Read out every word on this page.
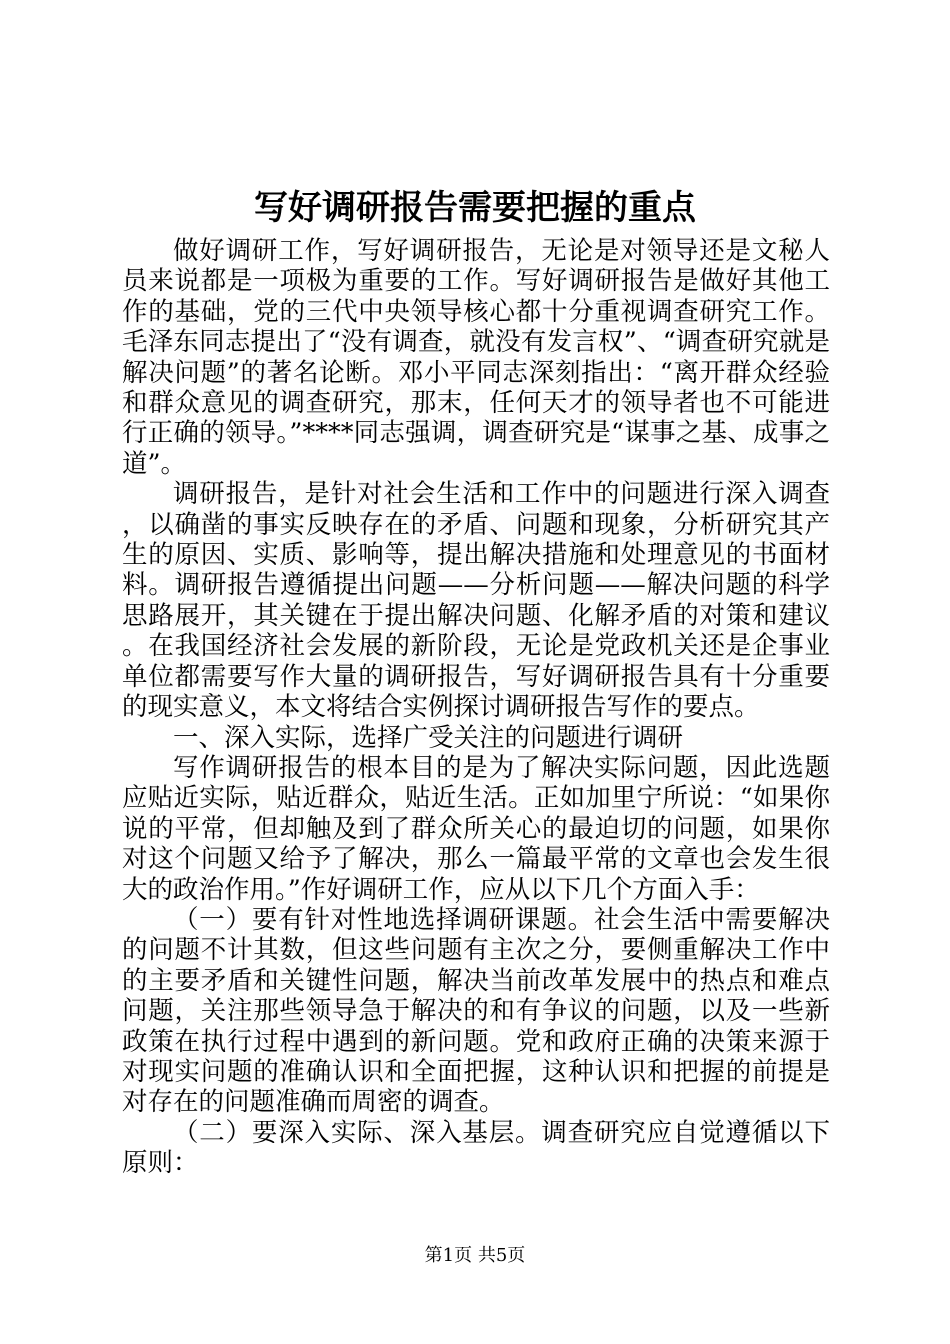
写好调研报告需要把握的重点

做好调研工作，写好调研报告，无论是对领导还是文秘人员来说都是一项极为重要的工作。写好调研报告是做好其他工作的基础，党的三代中央领导核心都十分重视调查研究工作。毛泽东同志提出了“没有调查，就没有发言权”、“调查研究就是解决问题”的著名论断。邓小平同志深刻指出：“离开群众经验和群众意见的调查研究，那末，任何天才的领导者也不可能进行正确的领导。”****同志强调，调查研究是“谋事之基、成事之道”。

调研报告，是针对社会生活和工作中的问题进行深入调查，以确凿的事实反映存在的矛盾、问题和现象，分析研究其产生的原因、实质、影响等，提出解决措施和处理意见的书面材料。调研报告遵循提出问题——分析问题——解决问题的科学思路展开，其关键在于提出解决问题、化解矛盾的对策和建议。在我国经济社会发展的新阶段，无论是党政机关还是企事业单位都需要写作大量的调研报告，写好调研报告具有十分重要的现实意义，本文将结合实例探讨调研报告写作的要点。

一、深入实际，选择广受关注的问题进行调研

写作调研报告的根本目的是为了解决实际问题，因此选题应贴近实际，贴近群众，贴近生活。正如加里宁所说：“如果你说的平常，但却触及到了群众所关心的最迫切的问题，如果你对这个问题又给予了解决，那么一篇最平常的文章也会发生很大的政治作用。”作好调研工作，应从以下几个方面入手：

（一）要有针对性地选择调研课题。社会生活中需要解决的问题不计其数，但这些问题有主次之分，要侧重解决工作中的主要矛盾和关键性问题，解决当前改革发展中的热点和难点问题，关注那些领导急于解决的和有争议的问题，以及一些新政策在执行过程中遇到的新问题。党和政府正确的决策来源于对现实问题的准确认识和全面把握，这种认识和把握的前提是对存在的问题准确而周密的调查。

（二）要深入实际、深入基层。调查研究应自觉遵循以下原则：

第1页 共5页
